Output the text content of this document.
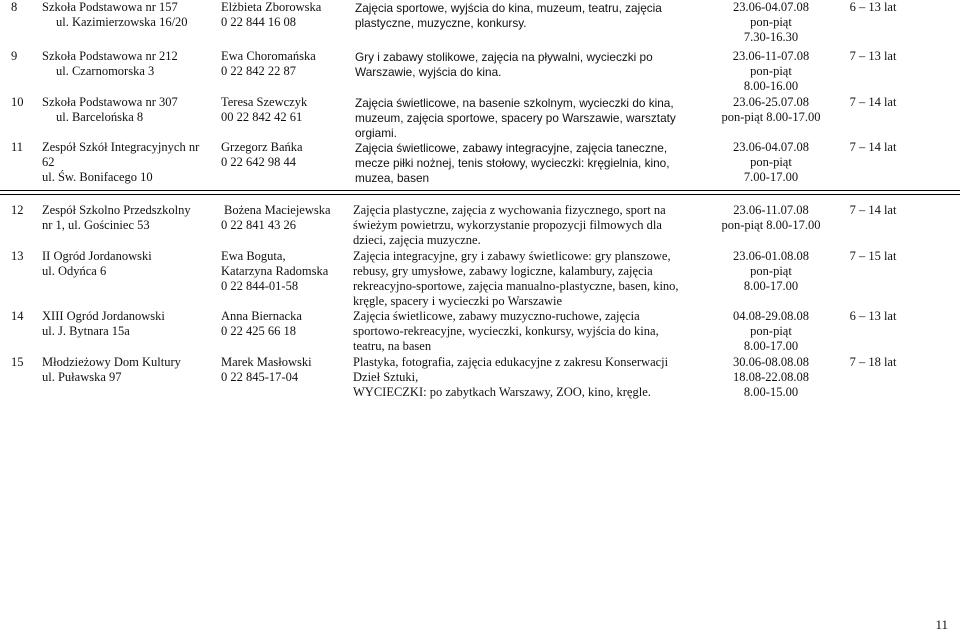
8 Szkoła Podstawowa nr 157
ul. Kazimierzowska 16/20
Elżbieta Zborowska
0 22 844 16 08
Zajęcia sportowe, wyjścia do kina, muzeum, teatru, zajęcia
plastyczne, muzyczne, konkursy.
23.06-04.07.08
pon-piąt
7.30-16.30
6 – 13 lat
9 Szkoła Podstawowa nr 212
ul. Czarnomorska 3
Ewa Choromańska
0 22 842 22 87
Gry i zabawy stolikowe, zajęcia na pływalni, wycieczki po
Warszawie, wyjścia do kina.
23.06-11-07.08
pon-piąt
8.00-16.00
7 – 13 lat
10 Szkoła Podstawowa nr 307
ul. Barcelońska 8
Teresa Szewczyk
00 22 842 42 61
Zajęcia świetlicowe, na basenie szkolnym, wycieczki do kina,
muzeum, zajęcia sportowe, spacery po Warszawie, warsztaty
orgiami.
23.06-25.07.08
pon-piąt 8.00-17.00
7 – 14 lat
11 Zespół Szkół Integracyjnych nr
62
ul. Św. Bonifacego 10
Grzegorz Bańka
0 22 642 98 44
Zajęcia świetlicowe, zabawy integracyjne, zajęcia taneczne,
mecze piłki nożnej, tenis stołowy, wycieczki: kręgielnia, kino,
muzea, basen
23.06-04.07.08
pon-piąt
7.00-17.00
7 – 14 lat
12 Zespół Szkolno Przedszkolny
nr 1, ul. Gościniec 53
Bożena Maciejewska
0 22 841 43 26
Zajęcia plastyczne, zajęcia z wychowania fizycznego, sport na
świeżym powietrzu, wykorzystanie propozycji filmowych dla
dzieci, zajęcia muzyczne.
23.06-11.07.08
pon-piąt 8.00-17.00
7 – 14 lat
13 II Ogród Jordanowski
ul. Odyńca 6
Ewa Boguta,
Katarzyna Radomska
0 22 844-01-58
Zajęcia integracyjne, gry i zabawy świetlicowe: gry planszowe,
rebusy, gry umysłowe, zabawy logiczne, kalambury, zajęcia
rekreacyjno-sportowe, zajęcia manualno-plastyczne, basen, kino,
kręgle, spacery i wycieczki po Warszawie
23.06-01.08.08
pon-piąt
8.00-17.00
7 – 15 lat
14 XIII Ogród Jordanowski
ul. J. Bytnara 15a
Anna Biernacka
0 22 425 66 18
Zajęcia świetlicowe, zabawy muzyczno-ruchowe, zajęcia
sportowo-rekreacyjne, wycieczki, konkursy, wyjścia do kina,
teatru, na basen
04.08-29.08.08
pon-piąt
8.00-17.00
6 – 13 lat
15 Młodzieżowy Dom Kultury
ul. Puławska 97
Marek Masłowski
0 22 845-17-04
Plastyka, fotografia, zajęcia edukacyjne z zakresu Konserwacji
Dzieł Sztuki,
WYCIECZKI: po zabytkach Warszawy, ZOO, kino, kręgle.
30.06-08.08.08
18.08-22.08.08
8.00-15.00
7 – 18 lat
11
